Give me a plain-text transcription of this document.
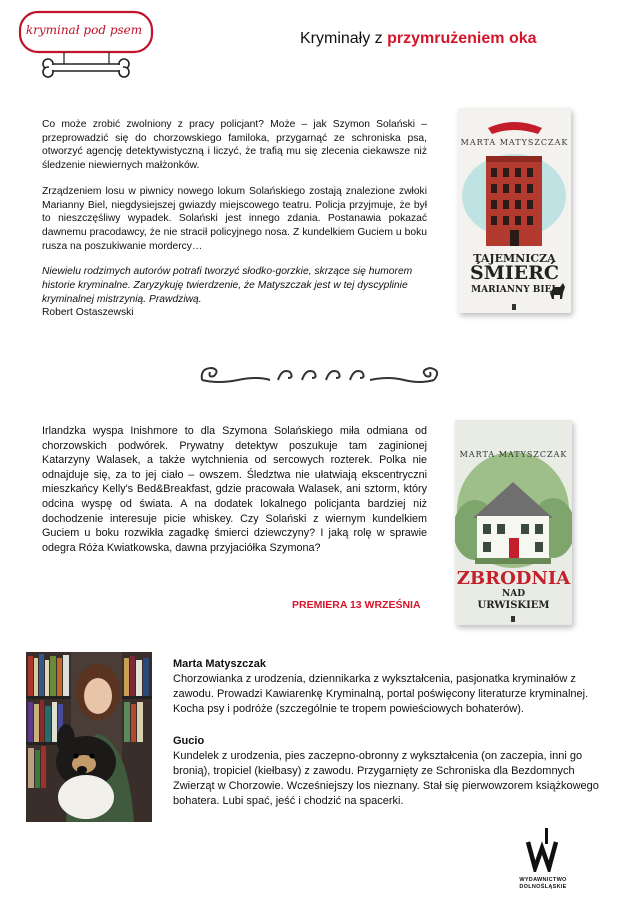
kryminał pod psem	Kryminały z przymrużeniem oka

Co może zrobić zwolniony z pracy policjant? Może – jak Szymon Solański – przeprowadzić się do chorzowskiego familoka, przygarnąć ze schroniska psa, otworzyć agencję detektywistyczną i liczyć, że trafią mu się zlecenia ciekawsze niż śledzenie niewiernych małżonków.

Zrządzeniem losu w piwnicy nowego lokum Solańskiego zostają znalezione zwłoki Marianny Biel, niegdysiejszej gwiazdy miejscowego teatru. Policja przyjmuje, że był to nieszczęśliwy wypadek. Solański jest innego zdania. Postanawia pokazać dawnemu pracodawcy, że nie stracił policyjnego nosa. Z kundelkiem Guciem u boku rusza na poszukiwanie mordercy…

Niewielu rodzimych autorów potrafi tworzyć słodko-gorzkie, skrzące się humorem historie kryminalne. Zaryzykuję twierdzenie, że Matyszczak jest w tej dyscyplinie kryminalnej mistrzynią. Prawdziwą.

Robert Ostaszewski

MARTA MATYSZCZAK
TAJEMNICZA
ŚMIERĆ
MARIANNY BIEL

Irlandzka wyspa Inishmore to dla Szymona Solańskiego miła odmiana od chorzowskich podwórek. Prywatny detektyw poszukuje tam zaginionej Katarzyny Walasek, a także wytchnienia od sercowych rozterek. Polka nie odnajduje się, za to jej ciało – owszem. Śledztwa nie ułatwiają ekscentryczni mieszkańcy Kelly's Bed&Breakfast, gdzie pracowała Walasek, ani sztorm, który odcina wyspę od świata. A na dodatek lokalnego policjanta bardziej niż dochodzenie interesuje picie whiskey. Czy Solański z wiernym kundelkiem Guciem u boku rozwikła zagadkę śmierci dziewczyny? I jaką rolę w sprawie odegra Róża Kwiatkowska, dawna przyjaciółka Szymona?

PREMIERA 13 WRZEŚNIA
MARTA MATYSZCZAK
ZBRODNIA
NAD
URWISKIEM

Marta Matyszczak

Chorzowianka z urodzenia, dziennikarka z wykształcenia, pasjonatka kryminałów z zawodu. Prowadzi Kawiarenkę Kryminalną, portal poświęcony literaturze kryminalnej. Kocha psy i podróże (szczególnie te tropem powieściowych bohaterów).

Gucio

Kundelek z urodzenia, pies zaczepno-obronny z wykształcenia (on zaczepia, inni go bronią), tropiciel (kiełbasy) z zawodu. Przygarnięty ze Schroniska dla Bezdomnych Zwierząt w Chorzowie. Wcześniejszy los nieznany. Stał się pierwowzorem książkowego bohatera. Lubi spać, jeść i chodzić na spacerki.

WYDAWNICTWO
DOLNOŚLĄSKIE
